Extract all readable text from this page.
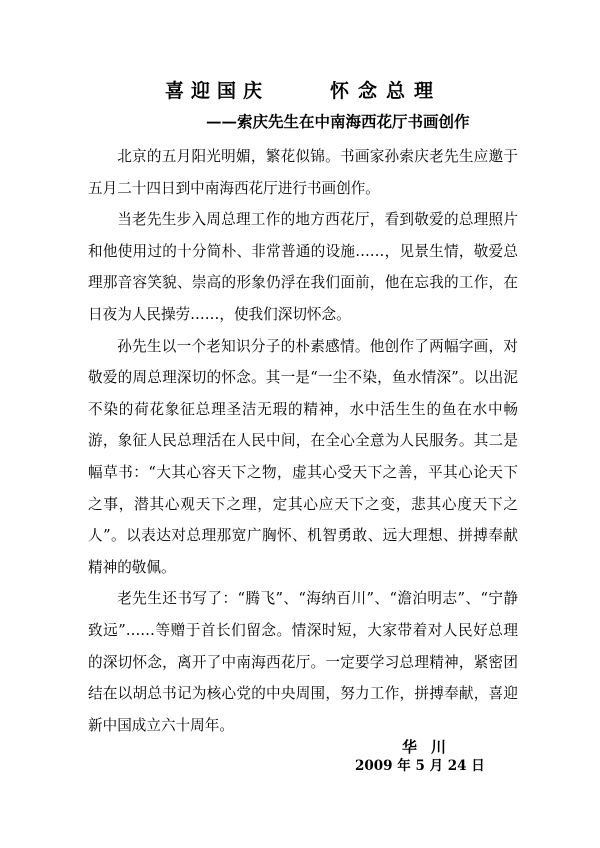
喜迎国庆	怀念总理
——索庆先生在中南海西花厅书画创作

北京的五月阳光明媚，繁花似锦。书画家孙索庆老先生应邀于五月二十四日到中南海西花厅进行书画创作。

当老先生步入周总理工作的地方西花厅，看到敬爱的总理照片和他使用过的十分简朴、非常普通的设施……，见景生情，敬爱总理那音容笑貌、崇高的形象仍浮在我们面前，他在忘我的工作，在日夜为人民操劳……，使我们深切怀念。

孙先生以一个老知识分子的朴素感情。他创作了两幅字画，对敬爱的周总理深切的怀念。其一是“一尘不染，鱼水情深”。以出泥不染的荷花象征总理圣洁无瑕的精神，水中活生生的鱼在水中畅游，象征人民总理活在人民中间，在全心全意为人民服务。其二是幅草书：“大其心容天下之物，虚其心受天下之善，平其心论天下之事，潜其心观天下之理，定其心应天下之变，悲其心度天下之人”。以表达对总理那宽广胸怀、机智勇敢、远大理想、拼搏奉献精神的敬佩。

老先生还书写了：“腾飞”、“海纳百川”、“澹泊明志”、“宁静致远”……等赠于首长们留念。情深时短，大家带着对人民好总理的深切怀念，离开了中南海西花厅。一定要学习总理精神，紧密团结在以胡总书记为核心党的中央周围，努力工作，拼搏奉献，喜迎新中国成立六十周年。

华川
2009 年 5 月 24 日
